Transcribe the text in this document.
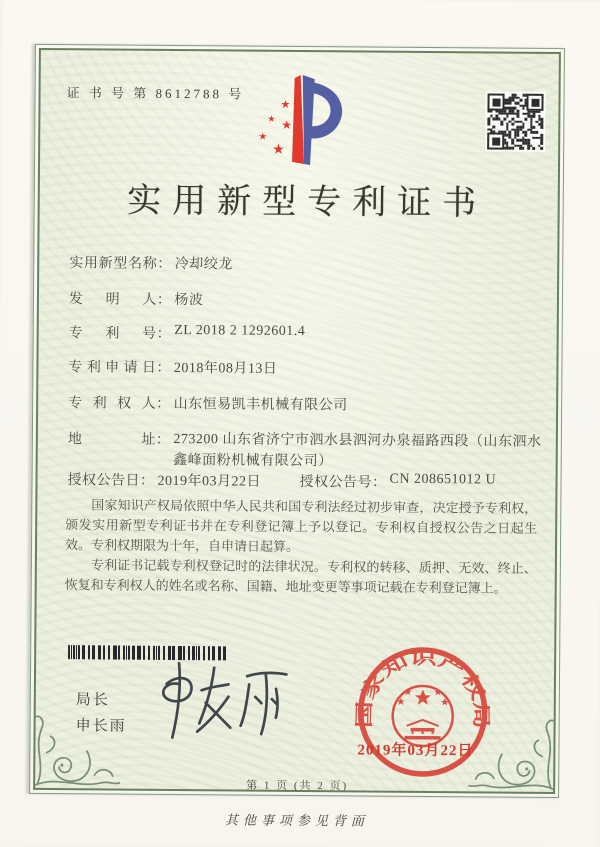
证 书 号 第 8612788 号
★
★ ★
★
★
实用新型专利证书
实用新型名称： 冷却绞龙
发明人： 杨波
专利号： ZL 2018 2 1292601.4
专利申请日： 2018年08月13日
专利权人： 山东恒易凯丰机械有限公司
地址： 273200 山东省济宁市泗水县泗河办泉福路西段（山东泗水鑫峰面粉机械有限公司）
授权公告日： 2019年03月22日	授权公告号： CN 208651012 U

国家知识产权局依照中华人民共和国专利法经过初步审查，决定授予专利权，颁发实用新型专利证书并在专利登记簿上予以登记。专利权自授权公告之日起生效。专利权期限为十年，自申请日起算。

专利证书记载专利权登记时的法律状况。专利权的转移、质押、无效、终止、恢复和专利权人的姓名或名称、国籍、地址变更等事项记载在专利登记簿上。

局长
申长雨	国家知识产权局
2019年03月22日
第 1 页 (共 2 页)
其他事项参见背面
